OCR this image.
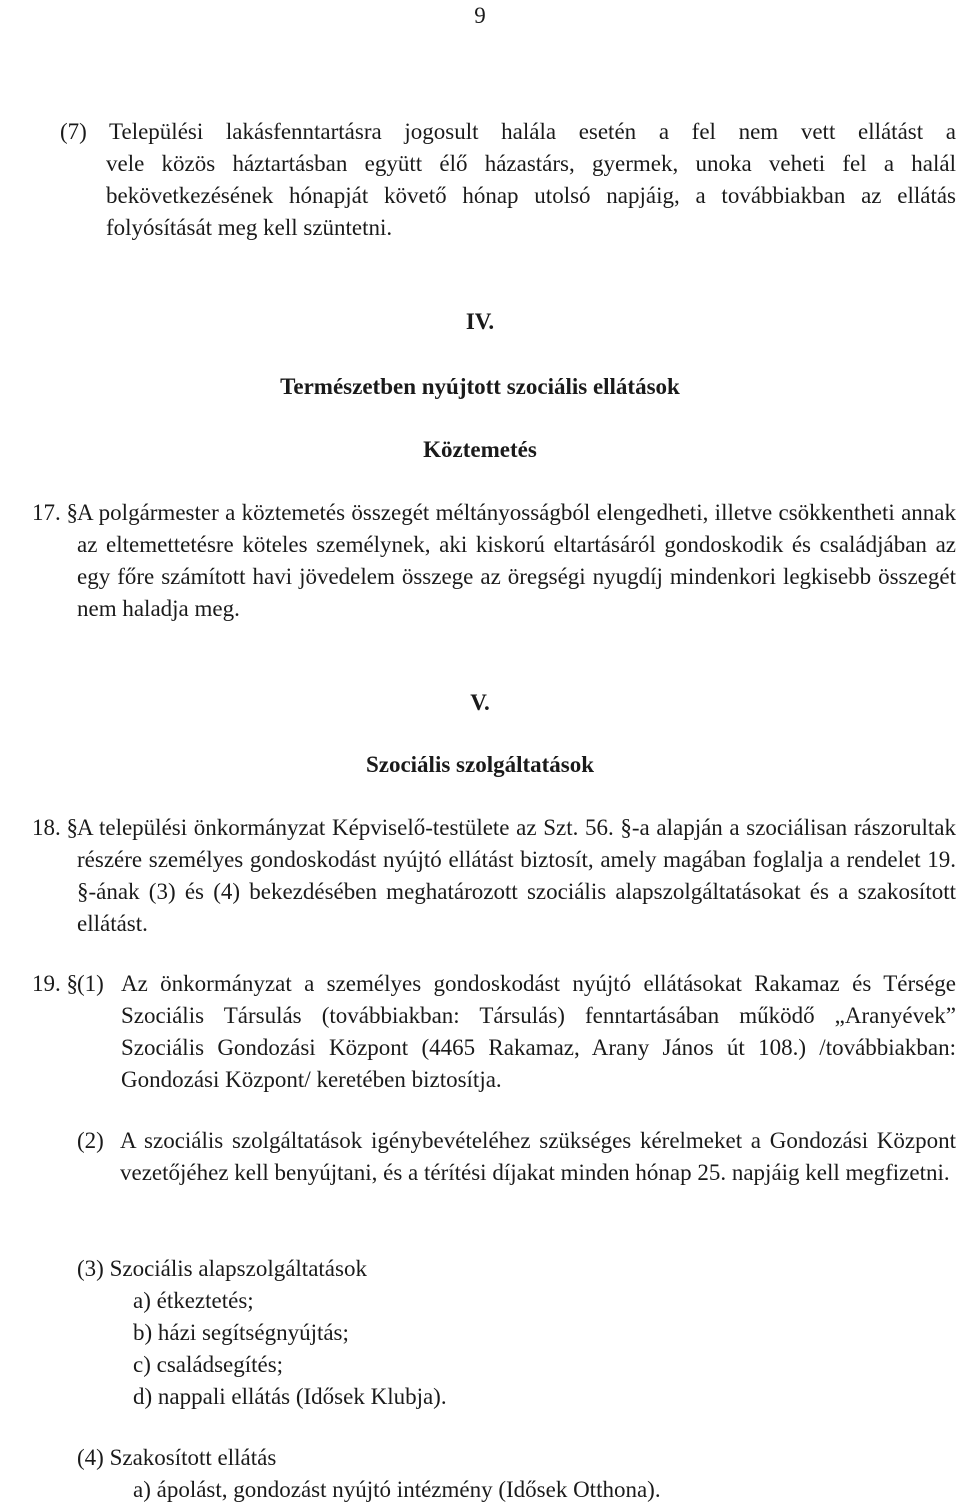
9
(7) Települési lakásfenntartásra jogosult halála esetén a fel nem vett ellátást a
vele közös háztartásban együtt élő házastárs, gyermek, unoka veheti fel a halál bekövetkezésének hónapját követő hónap utolsó napjáig, a továbbiakban az ellátás folyósítását meg kell szüntetni.
IV.
Természetben nyújtott szociális ellátások
Köztemetés
17. § A polgármester a köztemetés összegét méltányosságból elengedheti, illetve csökkentheti annak az eltemettetésre köteles személynek, aki kiskorú eltartásáról gondoskodik és családjában az egy főre számított havi jövedelem összege az öregségi nyugdíj mindenkori legkisebb összegét nem haladja meg.
V.
Szociális szolgáltatások
18. § A települési önkormányzat Képviselő-testülete az Szt. 56. §-a alapján a szociálisan rászorultak részére személyes gondoskodást nyújtó ellátást biztosít, amely magában foglalja a rendelet 19. §-ának (3) és (4) bekezdésében meghatározott szociális alapszolgáltatásokat és a szakosított ellátást.
19. § (1) Az önkormányzat a személyes gondoskodást nyújtó ellátásokat Rakamaz és Térsége Szociális Társulás (továbbiakban: Társulás) fenntartásában működő „Aranyévek” Szociális Gondozási Központ (4465 Rakamaz, Arany János út 108.) /továbbiakban: Gondozási Központ/ keretében biztosítja.
(2) A szociális szolgáltatások igénybevételéhez szükséges kérelmeket a Gondozási Központ vezetőjéhez kell benyújtani, és a térítési díjakat minden hónap 25. napjáig kell megfizetni.
(3) Szociális alapszolgáltatások
a) étkeztetés;
b) házi segítségnyújtás;
c) családsegítés;
d) nappali ellátás (Idősek Klubja).
(4) Szakosított ellátás
a) ápolást, gondozást nyújtó intézmény (Idősek Otthona).
